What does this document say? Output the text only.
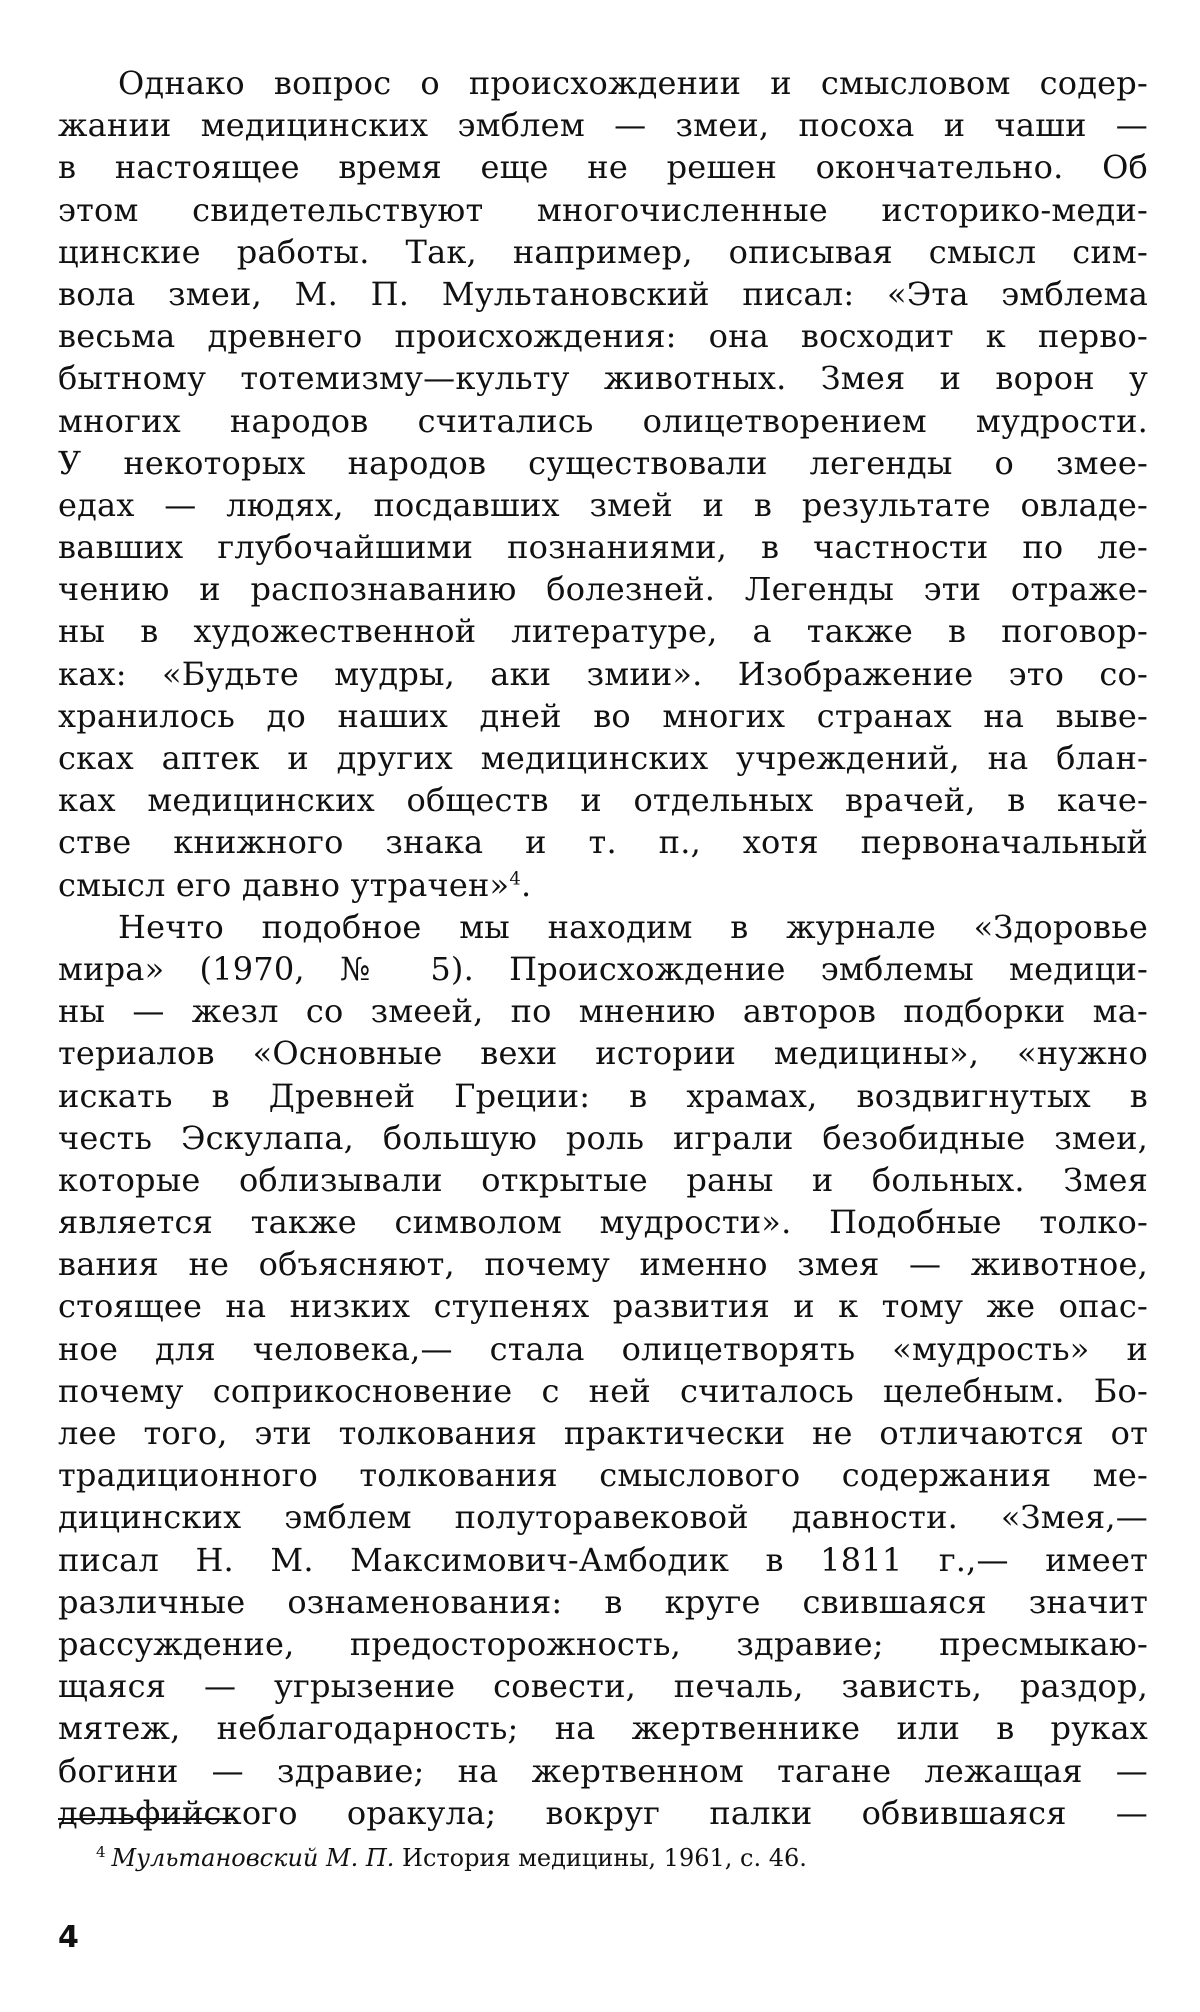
Однако вопрос о происхождении и смысловом содер-
жании медицинских эмблем — змеи, посоха и чаши —
в настоящее время еще не решен окончательно. Об
этом свидетельствуют многочисленные историко-меди-
цинские работы. Так, например, описывая смысл сим-
вола змеи, М. П. Мультановский писал: «Эта эмблема
весьма древнего происхождения: она восходит к перво-
бытному тотемизму—культу животных. Змея и ворон у
многих народов считались олицетворением мудрости.
У некоторых народов существовали легенды о змее-
едах — людях, посдавших змей и в результате овладе-
вавших глубочайшими познаниями, в частности по ле-
чению и распознаванию болезней. Легенды эти отраже-
ны в художественной литературе, а также в поговор-
ках: «Будьте мудры, аки змии». Изображение это со-
хранилось до наших дней во многих странах на выве-
сках аптек и других медицинских учреждений, на блан-
ках медицинских обществ и отдельных врачей, в каче-
стве книжного знака и т. п., хотя первоначальный
смысл его давно утрачен»$^4$.
Нечто подобное мы находим в журнале «Здоровье
мира» (1970, № 5). Происхождение эмблемы медици-
ны — жезл со змеей, по мнению авторов подборки ма-
териалов «Основные вехи истории медицины», «нужно
искать в Древней Греции: в храмах, воздвигнутых в
честь Эскулапа, большую роль играли безобидные змеи,
которые облизывали открытые раны и больных. Змея
является также символом мудрости». Подобные толко-
вания не объясняют, почему именно змея — животное,
стоящее на низких ступенях развития и к тому же опас-
ное для человека,— стала олицетворять «мудрость» и
почему соприкосновение с ней считалось целебным. Бо-
лее того, эти толкования практически не отличаются от
традиционного толкования смыслового содержания ме-
дицинских эмблем полуторавековой давности. «Змея,—
писал Н. М. Максимович-Амбодик в 1811 г.,— имеет
различные ознаменования: в круге свившаяся значит
рассуждение, предосторожность, здравие; пресмыкаю-
щаяся — угрызение совести, печаль, зависть, раздор,
мятеж, неблагодарность; на жертвеннике или в руках
богини — здравие; на жертвенном тагане лежащая —
дельфийского оракула; вокруг палки обвившаяся —
$^4$ Мультановский М. П. История медицины, 1961, с. 46.
4
